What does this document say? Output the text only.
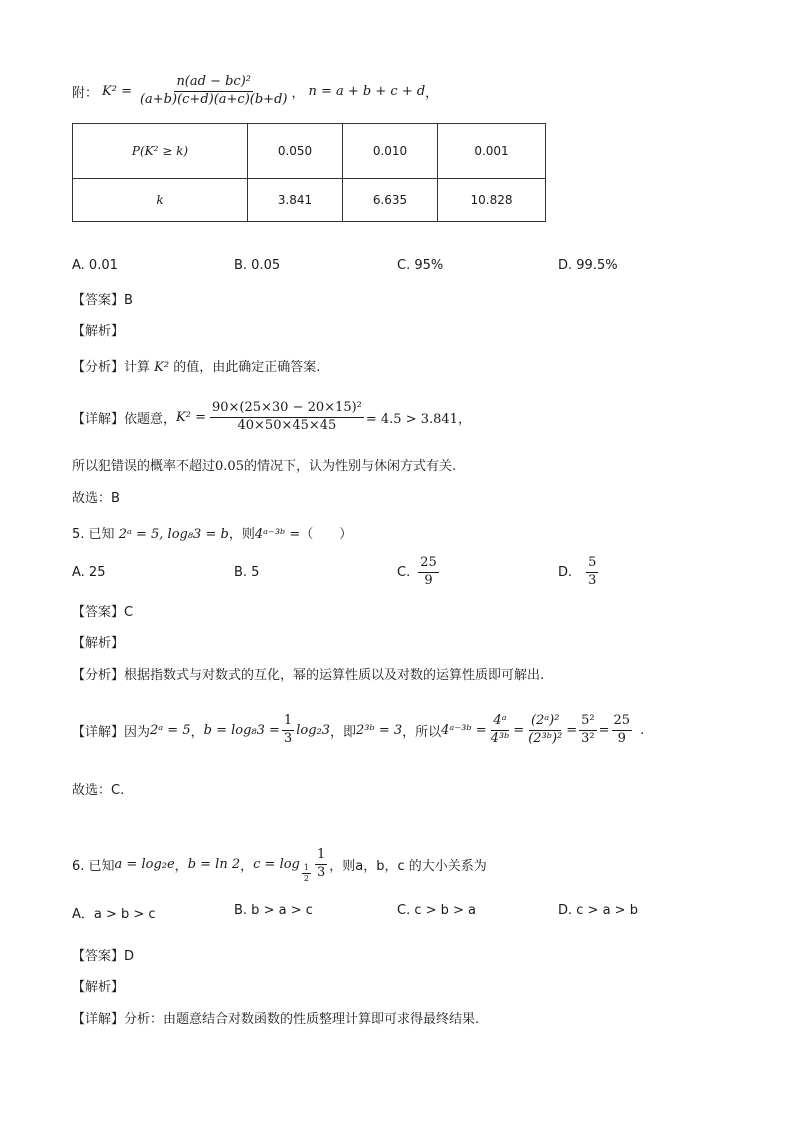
附： $K^2 = \frac{\text{n(ad − bc)²}}{(a+b)(c+d)(a+c)(b+d)}$ ， n = a + b + c + d ，
P(K² ≥ k)	0.050	0.010	0.001
k	3.841	6.635	10.828
A. 0.01	B. 0.05	C. 95%	D. 99.5%
【答案】B
【解析】
【分析】计算 K² 的值，由此确定正确答案.
【详解】依题意， $K^2 = \frac{\text{90×(25×30 − 20×15)²}}{40\times 50\times 45\times 45} = 4.5 > 3.841$，
所以犯错误的概率不超过0.05的情况下，认为性别与休闲方式有关.
故选：B
5. 已知 2ᵃ = 5, log₈3 = b，则4ᵃ⁻³ᵇ =（　　）
A. 25	B. 5	C. $\frac{25}{9}$	D. $\frac{5}{3}$
【答案】C
【解析】
【分析】根据指数式与对数式的互化，幂的运算性质以及对数的运算性质即可解出.
【详解】因为 2ᵃ = 5 ， $b = \log_83 = \frac{1}{3} \log_23$ ，即 2³ᵇ = 3 ，所以 4ᵃ⁻³ᵇ = $\frac{\text{4ᵃ}}{\text{4³ᵇ}} = \frac{\text{(2ᵃ)²}}{\text{(2³ᵇ)²}} = \frac{\text{5²}}{\text{3²}} = \frac{25}{9}$ .
故选：C.
6. 已知 a = log₂e ， b = ln 2 ， $c = \log \frac{1}{2} \frac{1}{3}$ ，则a，b，c 的大小关系为
A．a > b > c	B. b > a > c	C. c > b > a	D. c > a > b
【答案】D
【解析】
【详解】分析：由题意结合对数函数的性质整理计算即可求得最终结果.
